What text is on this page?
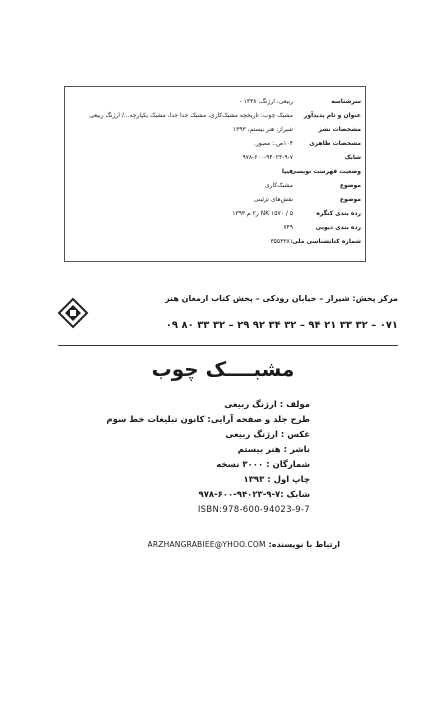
سرشناسه
ربیعی، ارژنگ، ۱۳۳۸ -
عنوان و نام پدیدآور
مشبک چوب: تاریخچه مشبک‌کاری، مشبک جدا جدا، مشبک یکپارچه.../ ارژنگ ربیعی
مشخصات نشر
شیراز: هنر بیستم، ۱۳۹۳
مشخصات ظاهری
۱۰۴ص.: مصور.
شابک
۹۷۸-۶۰۰-۹۴۰۲۳-۹-۷
وضعیت فهرست نویسی
فیپا
موضوع
مشبک‌کاری
موضوع
نقش‌های تزئینی
رده بندی کنگره
NK ۱۵۷۰ / ۵ ر۲ م ۱۳۹۳
رده بندی دیویی
۷۴۹
شماره کتابشناسی ملی
۳۵۵۳۳۸۱
مرکز پخش: شیراز – خیابان رودکی – پخش کتاب ارمغان هنر
۰۷۱ – ۳۲ ۳۳ ۲۱ ۹۴ – ۳۲ ۳۴ ۹۲ ۲۹ – ۳۲ ۳۳ ۸۰ ۰۹
مشبــــک چوب
مولف : ارژنگ ربیعی
طرح جلد و صفحه آرایی: کانون تبلیغات خط سوم
عکس : ارژنگ ربیعی
ناشر : هنر بیستم
شمارگان : ۳۰۰۰ نسخه
چاپ اول : ۱۳۹۳
شابک :۷-۹-۹۴۰۲۳-۶۰۰-۹۷۸
ISBN:978-600-94023-9-7
ارتباط با نویسنده: ARZHANGRABIEE@YHOO.COM
